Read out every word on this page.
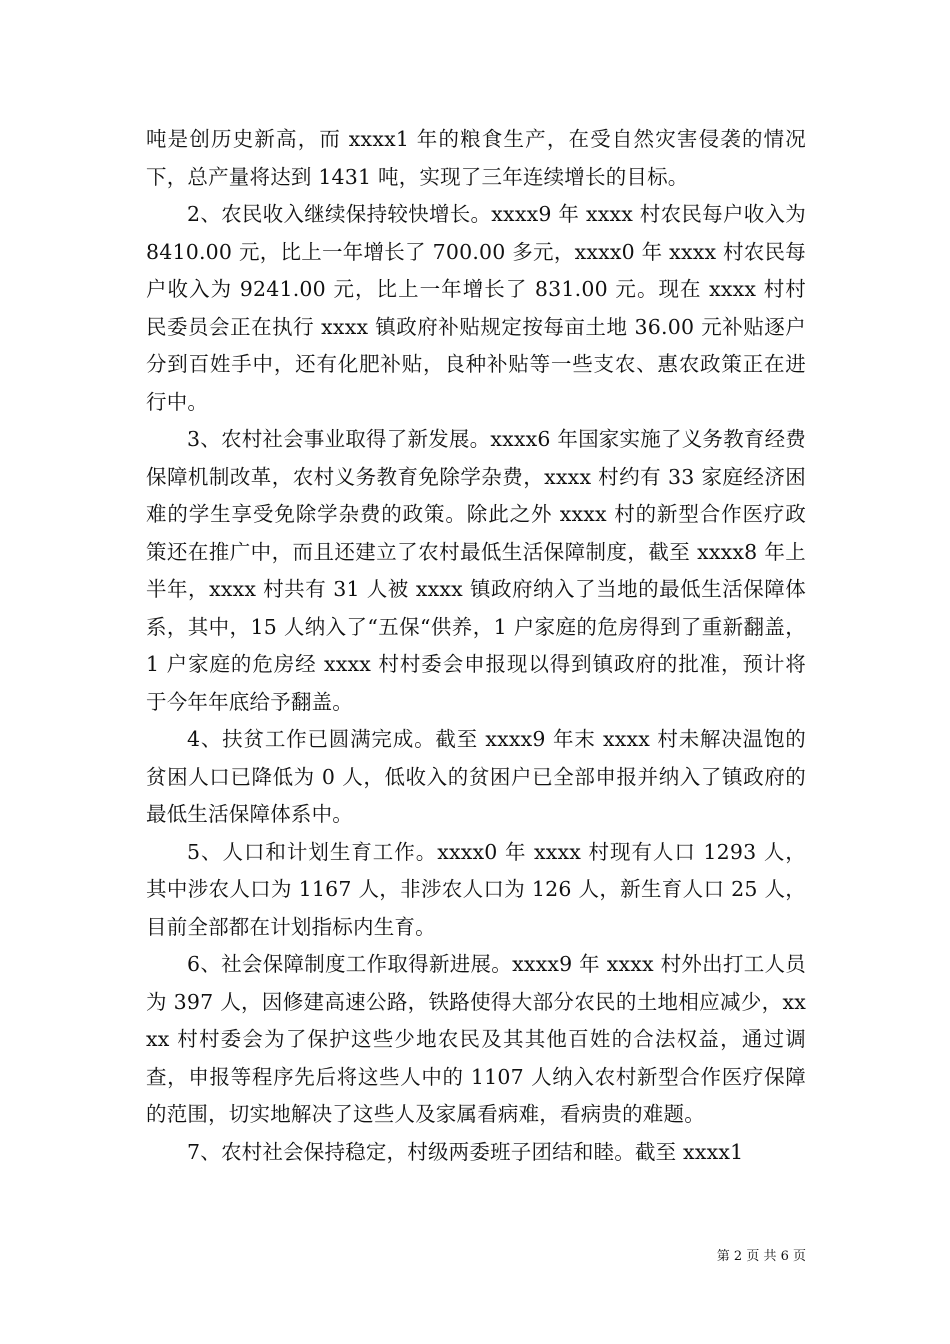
吨是创历史新高，而 xxxx1 年的粮食生产，在受自然灾害侵袭的情况下，总产量将达到 1431 吨，实现了三年连续增长的目标。

2、农民收入继续保持较快增长。xxxx9 年 xxxx 村农民每户收入为 8410.00 元，比上一年增长了 700.00 多元，xxxx0 年 xxxx 村农民每户收入为 9241.00 元，比上一年增长了 831.00 元。现在 xxxx 村村民委员会正在执行 xxxx 镇政府补贴规定按每亩土地 36.00 元补贴逐户分到百姓手中，还有化肥补贴，良种补贴等一些支农、惠农政策正在进行中。

3、农村社会事业取得了新发展。xxxx6 年国家实施了义务教育经费保障机制改革，农村义务教育免除学杂费，xxxx 村约有 33 家庭经济困难的学生享受免除学杂费的政策。除此之外 xxxx 村的新型合作医疗政策还在推广中，而且还建立了农村最低生活保障制度，截至 xxxx8 年上半年，xxxx 村共有 31 人被 xxxx 镇政府纳入了当地的最低生活保障体系，其中，15 人纳入了“五保“供养，1 户家庭的危房得到了重新翻盖，1 户家庭的危房经 xxxx 村村委会申报现以得到镇政府的批准，预计将于今年年底给予翻盖。

4、扶贫工作已圆满完成。截至 xxxx9 年末 xxxx 村未解决温饱的贫困人口已降低为 0 人，低收入的贫困户已全部申报并纳入了镇政府的最低生活保障体系中。

5、人口和计划生育工作。xxxx0 年 xxxx 村现有人口 1293 人，其中涉农人口为 1167 人，非涉农人口为 126 人，新生育人口 25 人，目前全部都在计划指标内生育。

6、社会保障制度工作取得新进展。xxxx9 年 xxxx 村外出打工人员为 397 人，因修建高速公路，铁路使得大部分农民的土地相应减少，xxxx 村村委会为了保护这些少地农民及其其他百姓的合法权益，通过调查，申报等程序先后将这些人中的 1107 人纳入农村新型合作医疗保障的范围，切实地解决了这些人及家属看病难，看病贵的难题。

7、农村社会保持稳定，村级两委班子团结和睦。截至 xxxx1

第 2 页 共 6 页
